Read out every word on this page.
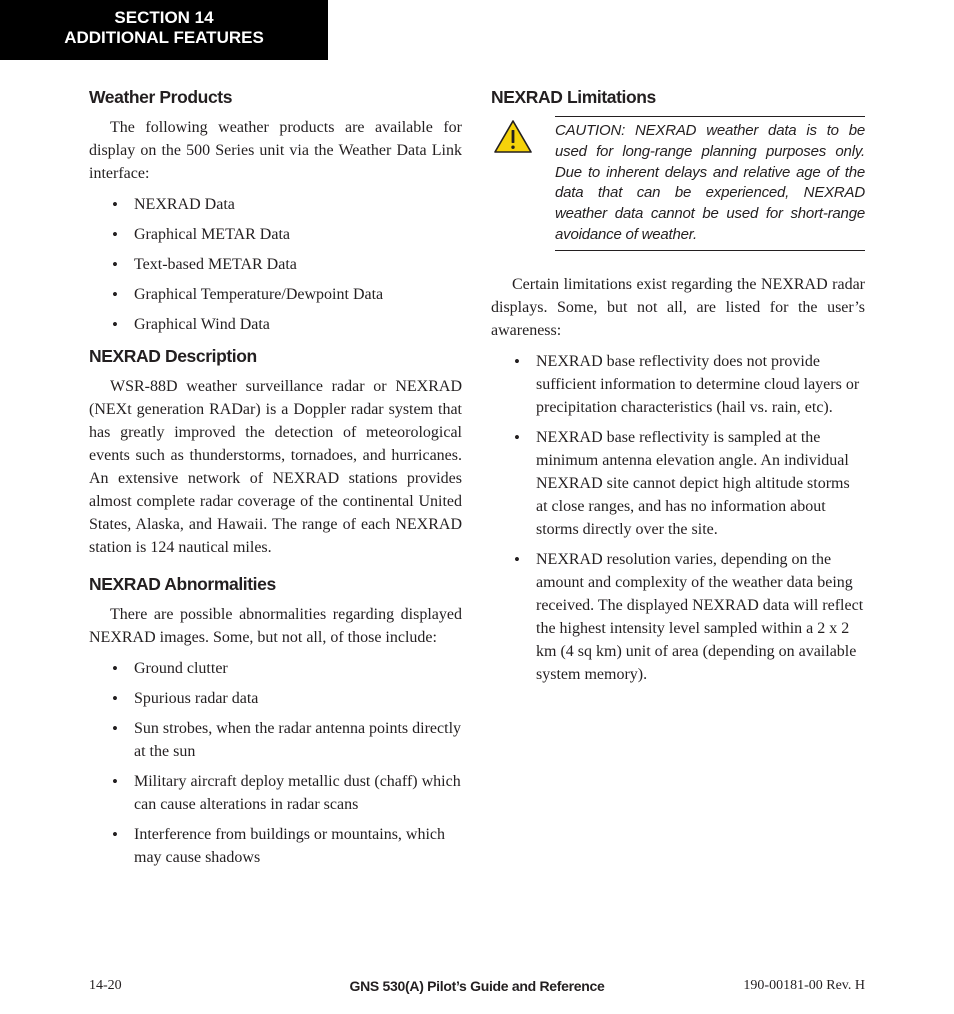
SECTION 14
ADDITIONAL FEATURES
Weather Products

The following weather products are available for display on the 500 Series unit via the Weather Data Link interface:

• NEXRAD Data
• Graphical METAR Data
• Text-based METAR Data
• Graphical Temperature/Dewpoint Data
• Graphical Wind Data
NEXRAD Description

WSR-88D weather surveillance radar or NEXRAD (NEXt generation RADar) is a Doppler radar system that has greatly improved the detection of meteorological events such as thunderstorms, tornadoes, and hurricanes. An extensive network of NEXRAD stations provides almost complete radar coverage of the continental United States, Alaska, and Hawaii. The range of each NEXRAD station is 124 nautical miles.

NEXRAD Abnormalities

There are possible abnormalities regarding displayed NEXRAD images. Some, but not all, of those include:

• Ground clutter
• Spurious radar data
• Sun strobes, when the radar antenna points directly at the sun
• Military aircraft deploy metallic dust (chaff) which can cause alterations in radar scans
• Interference from buildings or mountains, which may cause shadows
NEXRAD Limitations
CAUTION: NEXRAD weather data is to be used for long-range planning purposes only. Due to inherent delays and relative age of the data that can be experienced, NEXRAD weather data cannot be used for short-range avoidance of weather.

Certain limitations exist regarding the NEXRAD radar displays. Some, but not all, are listed for the user’s awareness:

• NEXRAD base reflectivity does not provide sufficient information to determine cloud layers or precipitation characteristics (hail vs. rain, etc).
• NEXRAD base reflectivity is sampled at the minimum antenna elevation angle. An individual NEXRAD site cannot depict high altitude storms at close ranges, and has no information about storms directly over the site.
• NEXRAD resolution varies, depending on the amount and complexity of the weather data being received. The displayed NEXRAD data will reflect the highest intensity level sampled within a 2 x 2 km (4 sq km) unit of area (depending on available system memory).
14-20	GNS 530(A) Pilot’s Guide and Reference	190-00181-00 Rev. H
